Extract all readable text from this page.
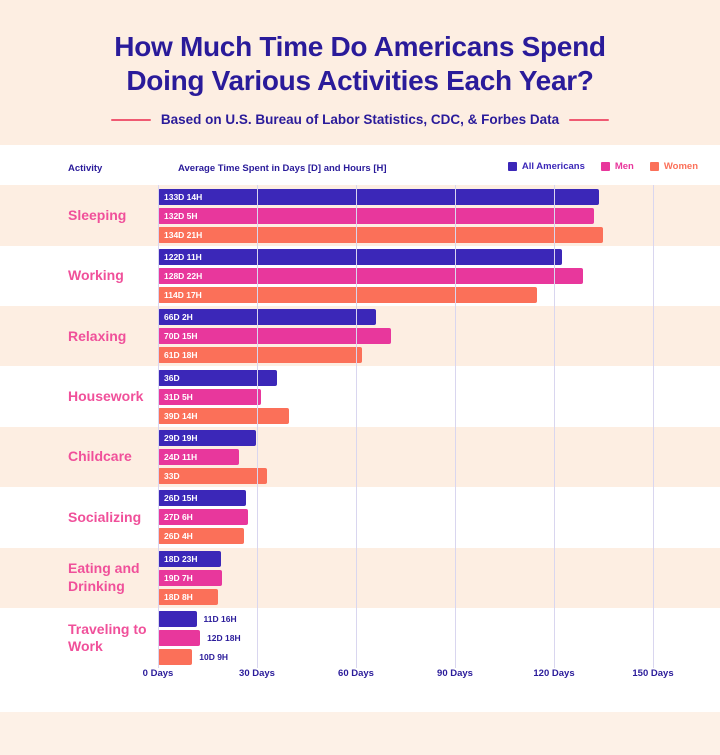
How Much Time Do Americans Spend
Doing Various Activities Each Year?
Based on U.S. Bureau of Labor Statistics, CDC, & Forbes Data
Activity	Average Time Spent in Days [D] and Hours [H]	All Americans	Men	Women
Sleeping
133D 14H
132D 5H
134D 21H
Working
122D 11H
128D 22H
114D 17H
Relaxing
66D 2H
70D 15H
61D 18H
Housework
36D
31D 5H
39D 14H
Childcare
29D 19H
24D 11H
33D
Socializing
26D 15H
27D 6H
26D 4H
Eating and Drinking
18D 23H
19D 7H
18D 8H
Traveling to Work
11D 16H
12D 18H
10D 9H
0 Days	30 Days	60 Days	90 Days	120 Days	150 Days
